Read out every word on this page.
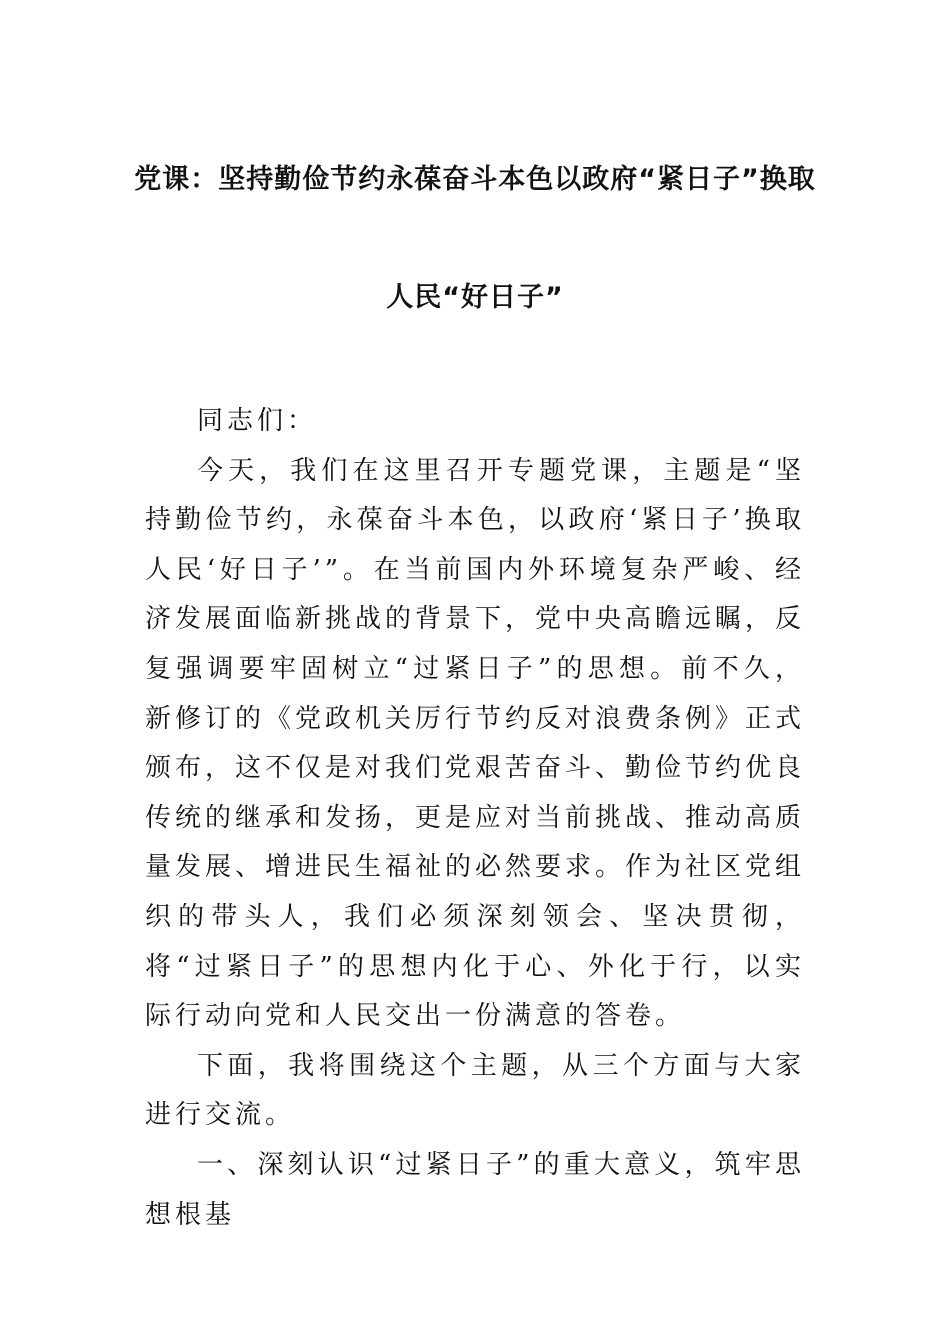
党课：坚持勤俭节约永葆奋斗本色以政府“紧日子”换取
人民“好日子”

同志们：

今天，我们在这里召开专题党课，主题是“坚持勤俭节约，永葆奋斗本色，以政府‘紧日子’换取人民‘好日子’”。在当前国内外环境复杂严峻、经济发展面临新挑战的背景下，党中央高瞻远瞩，反复强调要牢固树立“过紧日子”的思想。前不久，新修订的《党政机关厉行节约反对浪费条例》正式颁布，这不仅是对我们党艰苦奋斗、勤俭节约优良传统的继承和发扬，更是应对当前挑战、推动高质量发展、增进民生福祉的必然要求。作为社区党组织的带头人，我们必须深刻领会、坚决贯彻，将“过紧日子”的思想内化于心、外化于行，以实际行动向党和人民交出一份满意的答卷。

下面，我将围绕这个主题，从三个方面与大家进行交流。

一、深刻认识“过紧日子”的重大意义，筑牢思想根基
